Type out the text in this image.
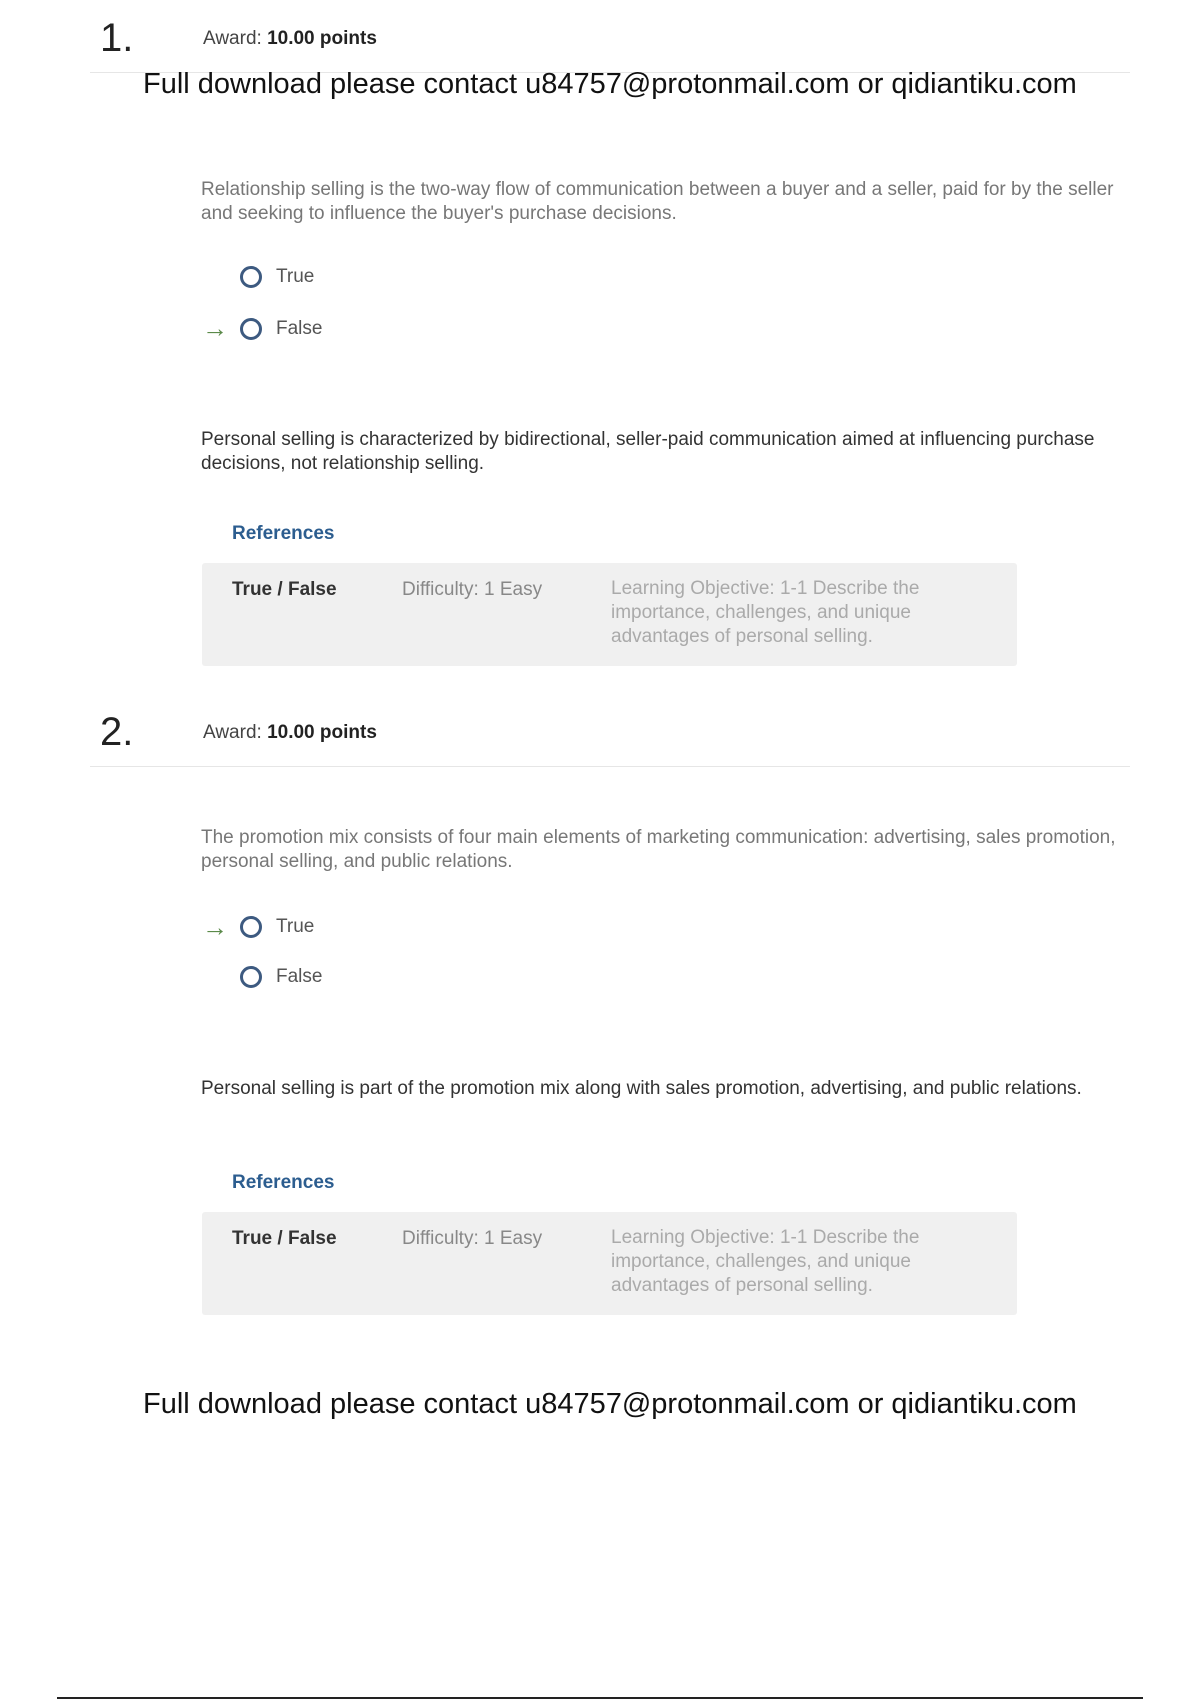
1.	Award: 10.00 points
Full download please contact u84757@protonmail.com or qidiantiku.com
Relationship selling is the two-way flow of communication between a buyer and a seller, paid for by the seller and seeking to influence the buyer's purchase decisions.
True
→	False
Personal selling is characterized by bidirectional, seller-paid communication aimed at influencing purchase decisions, not relationship selling.
References
True / False	Difficulty: 1 Easy	Learning Objective: 1-1 Describe the importance, challenges, and unique advantages of personal selling.
2.	Award: 10.00 points
The promotion mix consists of four main elements of marketing communication: advertising, sales promotion, personal selling, and public relations.
→	True
False
Personal selling is part of the promotion mix along with sales promotion, advertising, and public relations.
References
True / False	Difficulty: 1 Easy	Learning Objective: 1-1 Describe the importance, challenges, and unique advantages of personal selling.
Full download please contact u84757@protonmail.com or qidiantiku.com
